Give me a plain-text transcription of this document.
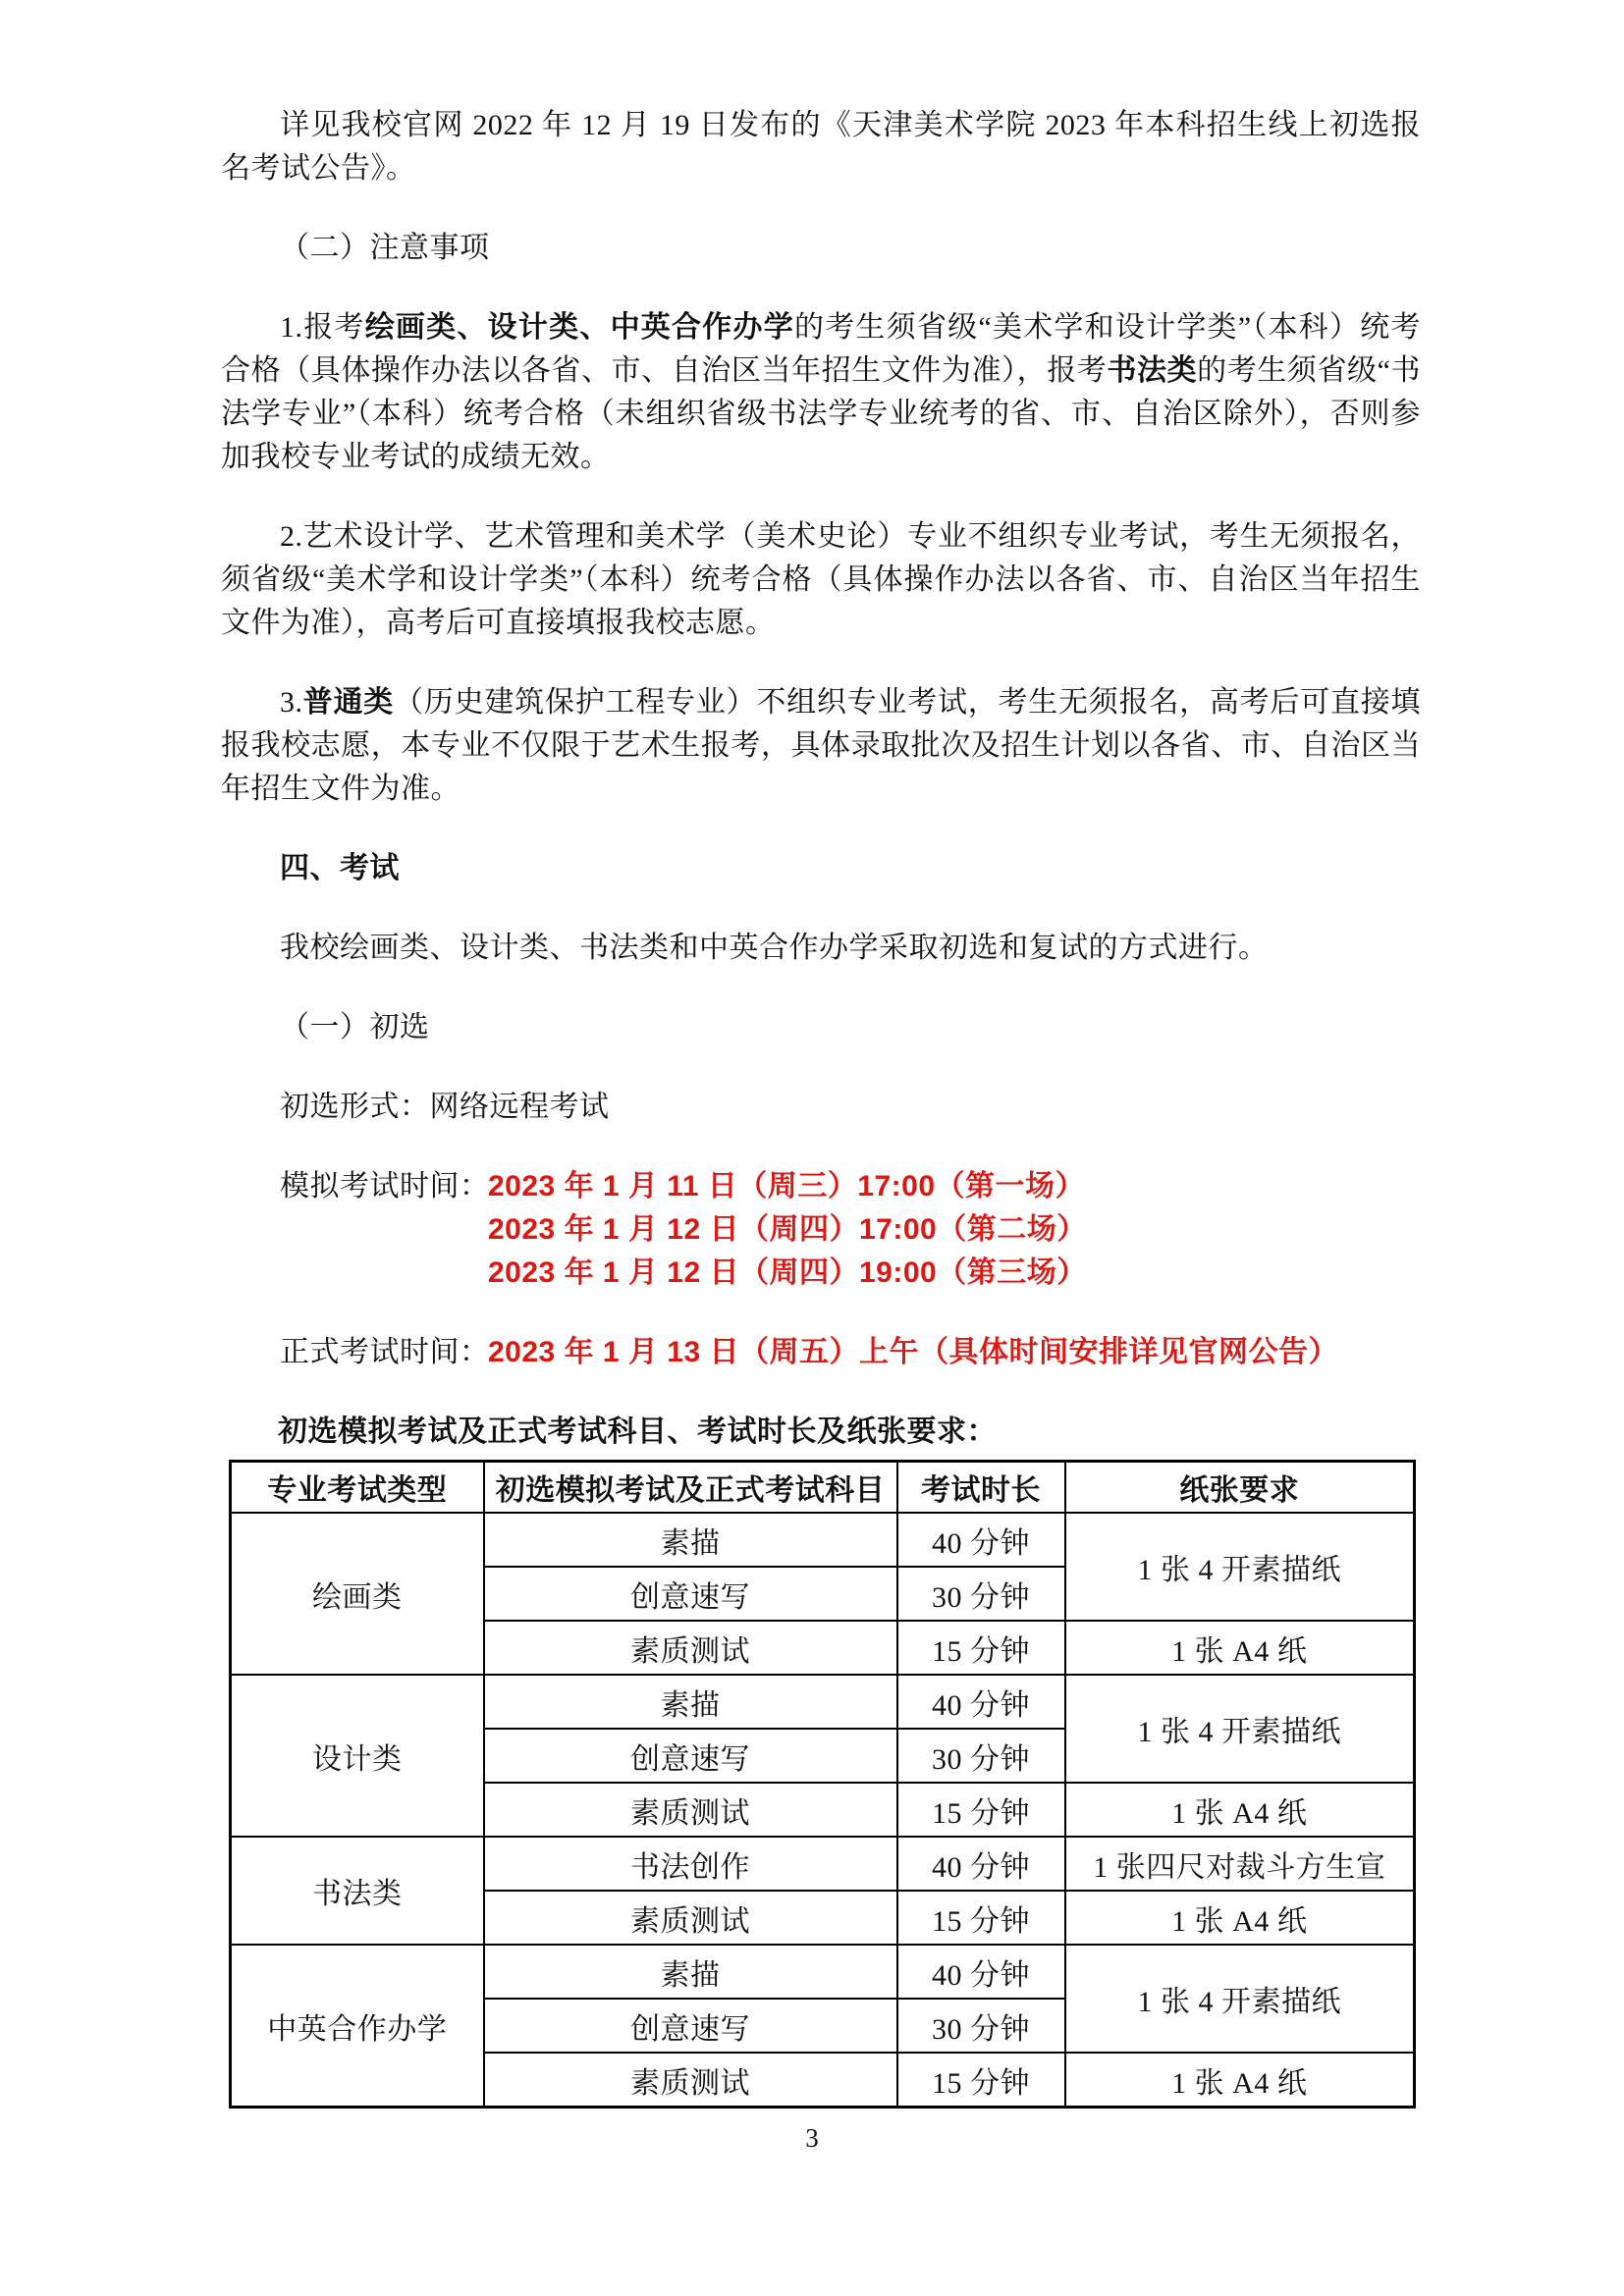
详见我校官网 2022 年 12 月 19 日发布的《天津美术学院 2023 年本科招生线上初选报名考试公告》。

（二）注意事项

1.报考绘画类、设计类、中英合作办学的考生须省级“美术学和设计学类”（本科）统考合格（具体操作办法以各省、市、自治区当年招生文件为准），报考书法类的考生须省级“书法学专业”（本科）统考合格（未组织省级书法学专业统考的省、市、自治区除外），否则参加我校专业考试的成绩无效。

2.艺术设计学、艺术管理和美术学（美术史论）专业不组织专业考试，考生无须报名，须省级“美术学和设计学类”（本科）统考合格（具体操作办法以各省、市、自治区当年招生文件为准），高考后可直接填报我校志愿。

3.普通类（历史建筑保护工程专业）不组织专业考试，考生无须报名，高考后可直接填报我校志愿，本专业不仅限于艺术生报考，具体录取批次及招生计划以各省、市、自治区当年招生文件为准。

四、考试

我校绘画类、设计类、书法类和中英合作办学采取初选和复试的方式进行。

（一）初选

初选形式：网络远程考试

模拟考试时间：
2023 年 1 月 11 日（周三）17:00（第一场）
2023 年 1 月 12 日（周四）17:00（第二场）
2023 年 1 月 12 日（周四）19:00（第三场）
正式考试时间：
2023 年 1 月 13 日（周五）上午（具体时间安排详见官网公告）

初选模拟考试及正式考试科目、考试时长及纸张要求：

专业考试类型	初选模拟考试及正式考试科目	考试时长	纸张要求
绘画类	素描	40 分钟	1 张 4 开素描纸
	创意速写	30 分钟	
	素质测试	15 分钟	1 张 A4 纸
设计类	素描	40 分钟	1 张 4 开素描纸
	创意速写	30 分钟	
	素质测试	15 分钟	1 张 A4 纸
书法类	书法创作	40 分钟	1 张四尺对裁斗方生宣
	素质测试	15 分钟	1 张 A4 纸
中英合作办学	素描	40 分钟	1 张 4 开素描纸
	创意速写	30 分钟	
	素质测试	15 分钟	1 张 A4 纸
3
